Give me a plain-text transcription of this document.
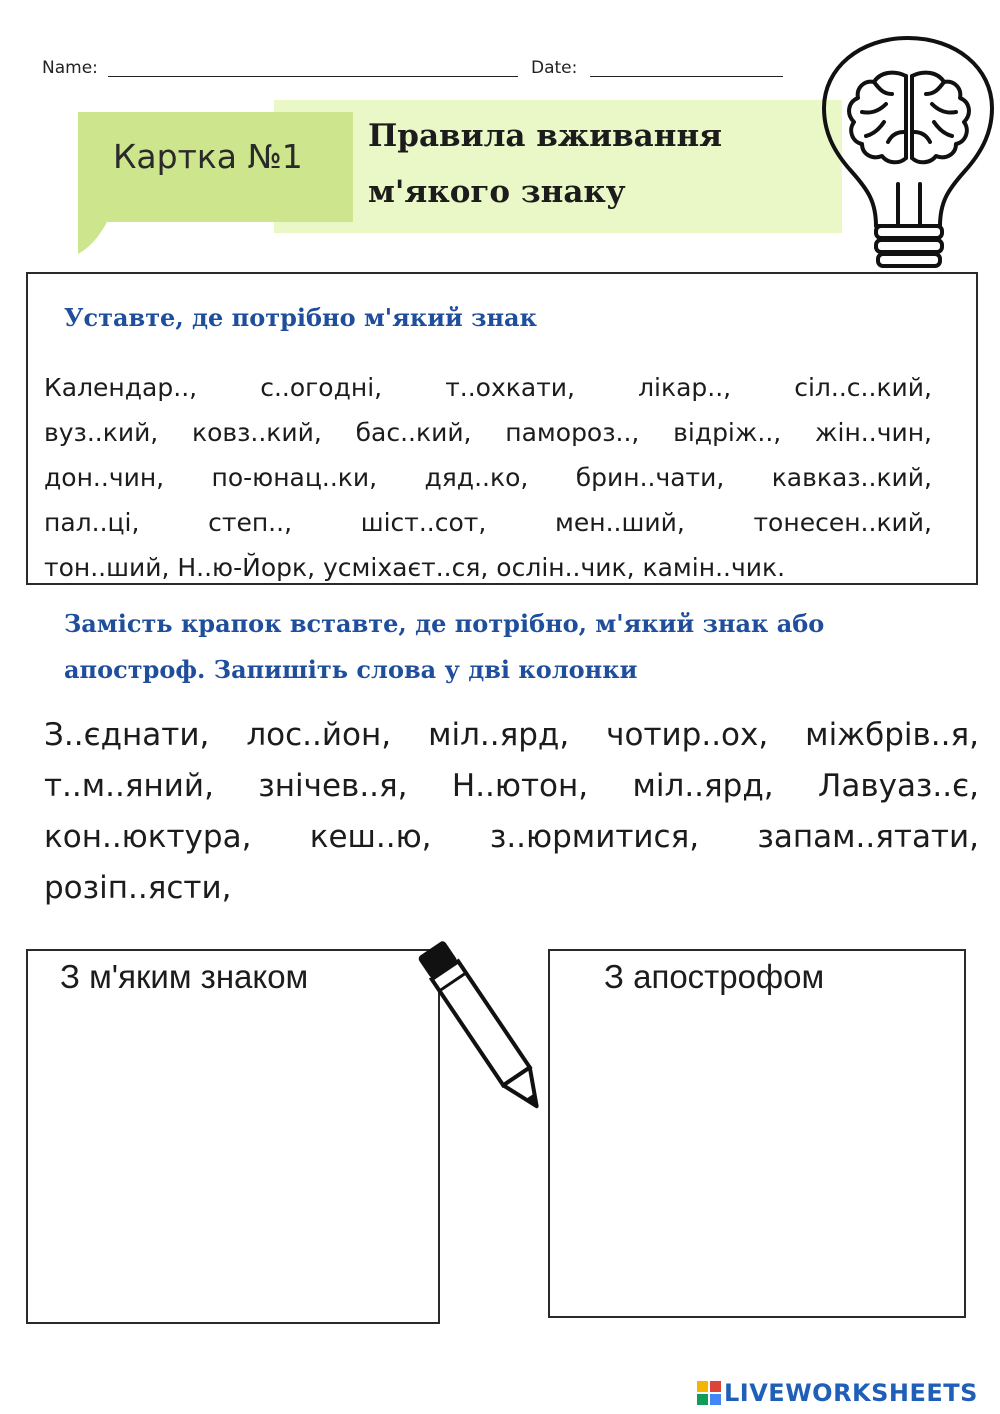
Name:	Date:
Картка №1
Правила вживання
м'якого знаку
Уставте, де потрібно м'який знак
Календар.., с..огодні, т..охкати, лікар.., сіл..с..кий,
вуз..кий, ковз..кий, бас..кий, памороз.., відріж.., жін..чин,
дон..чин, по-юнац..ки, дяд..ко, брин..чати, кавказ..кий,
пал..ці, степ.., шіст..сот, мен..ший, тонесен..кий,
тон..ший, Н..ю-Йорк, усміхаєт..ся, ослін..чик, камін..чик.
Замість крапок вставте, де потрібно, м'який знак або
апостроф. Запишіть слова у дві колонки
З..єднати, лос..йон, міл..ярд, чотир..ох, міжбрів..я, т..м..яний, знічев..я, Н..ютон, міл..ярд, Лавуаз..є, кон..юктура, кеш..ю, з..юрмитися, запам..ятати, розіп..ясти,
З м'яким знаком	З апострофом
LIVEWORKSHEETS
